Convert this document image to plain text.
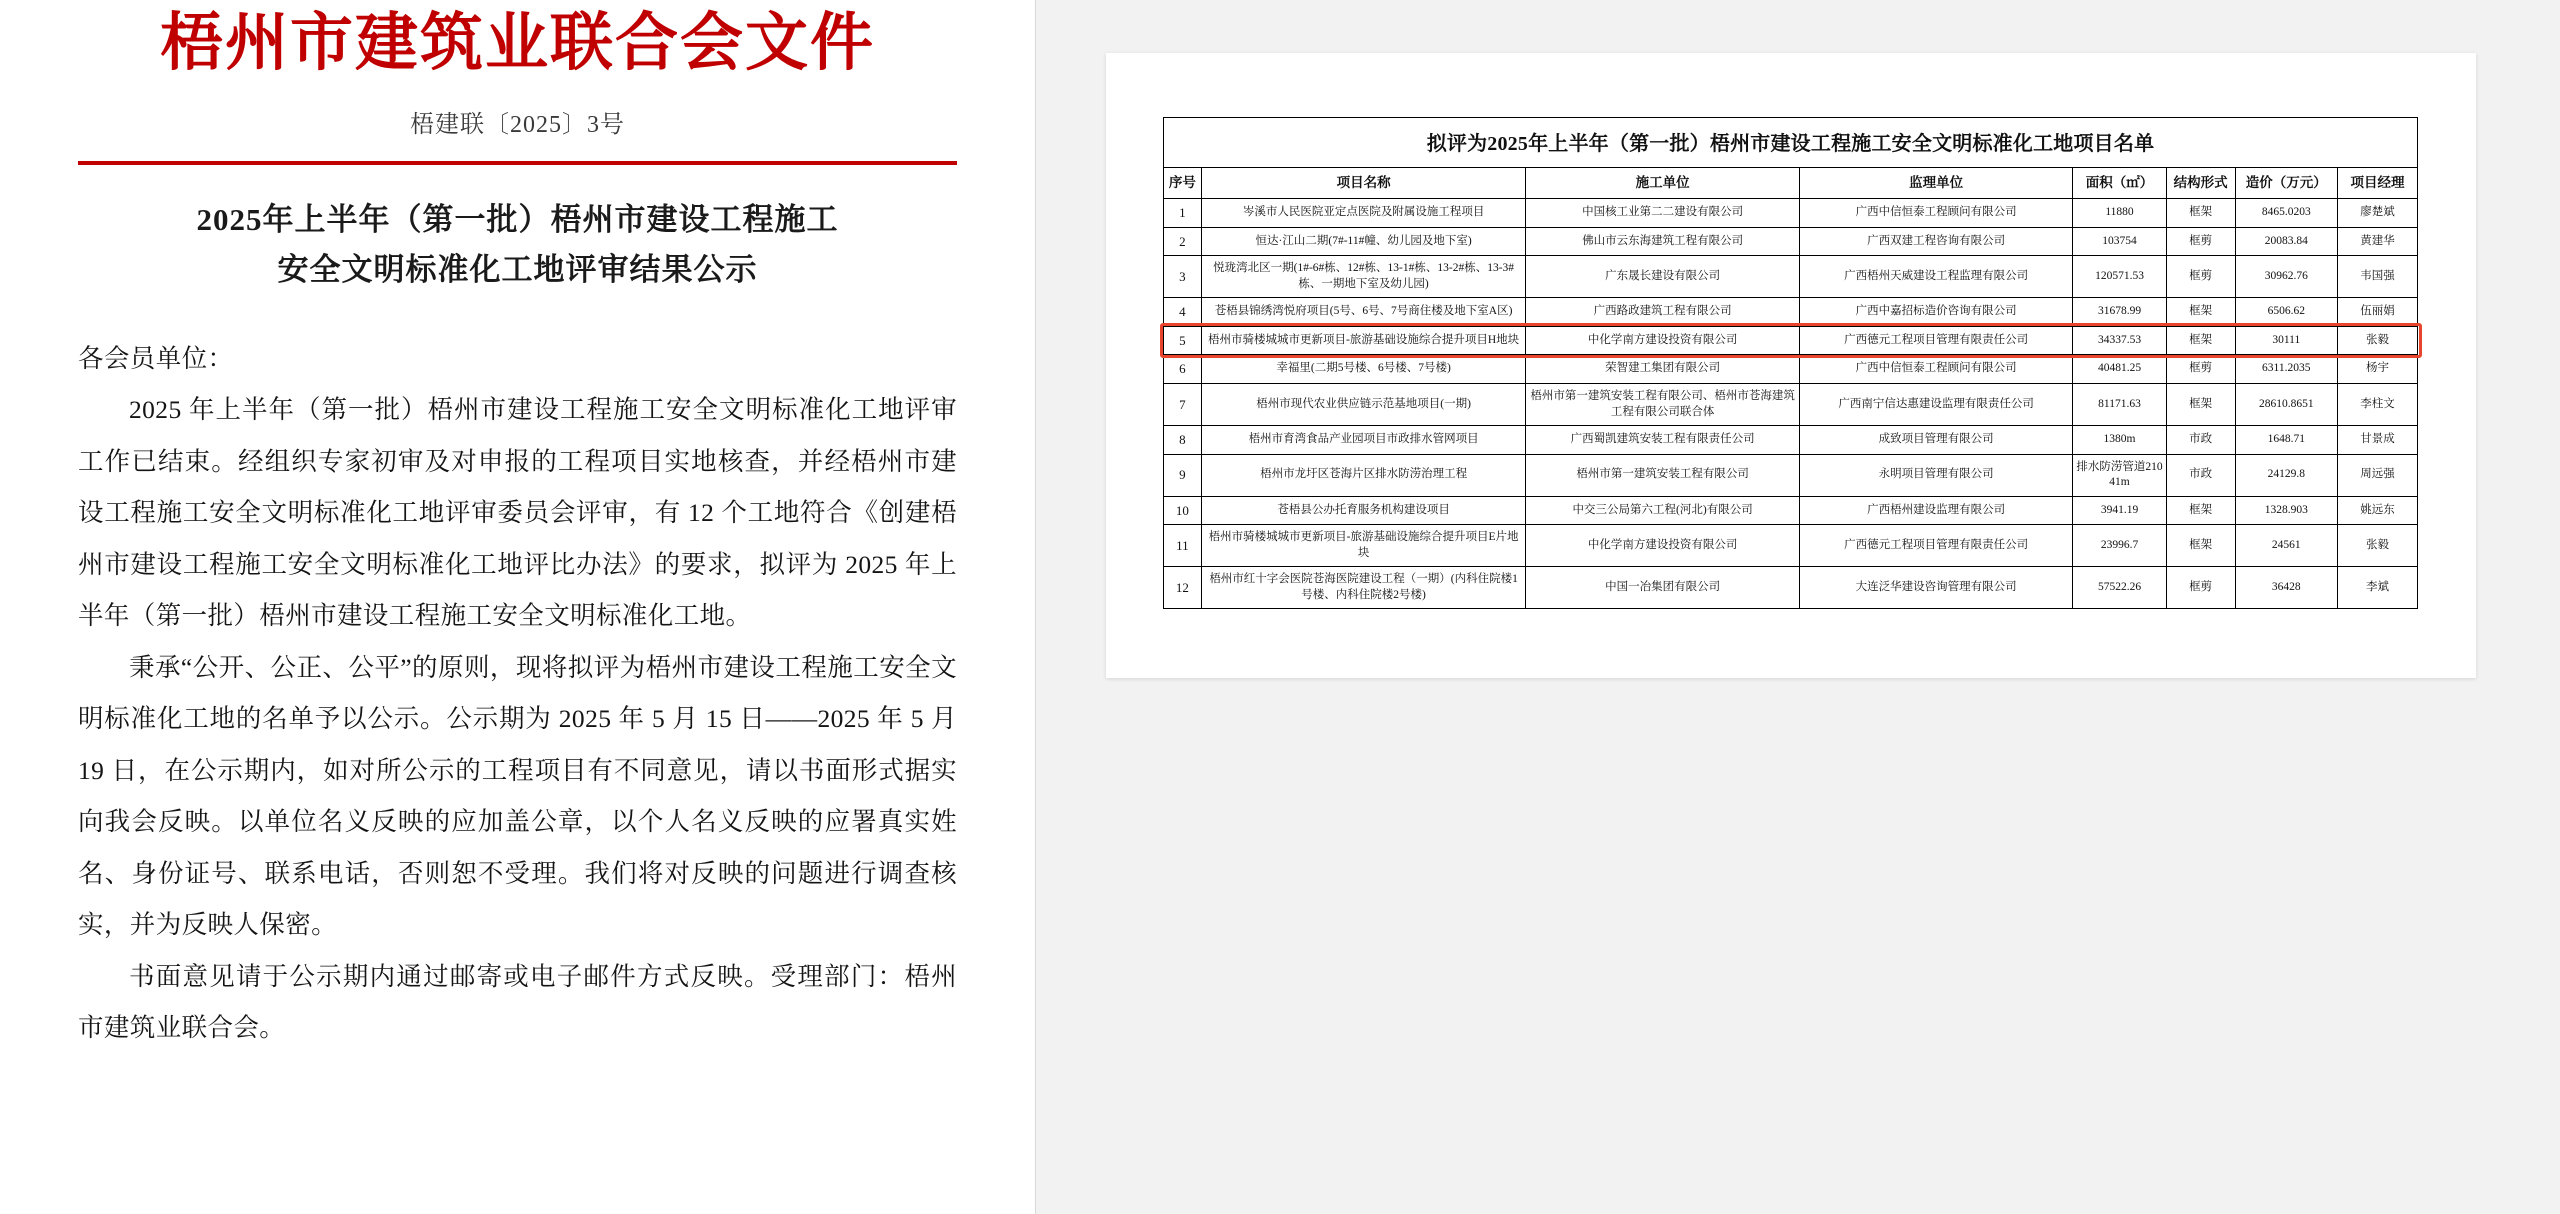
梧州市建筑业联合会文件
梧建联〔2025〕3号
2025年上半年（第一批）梧州市建设工程施工
安全文明标准化工地评审结果公示

各会员单位：

2025 年上半年（第一批）梧州市建设工程施工安全文明标准化工地评审工作已结束。经组织专家初审及对申报的工程项目实地核查，并经梧州市建设工程施工安全文明标准化工地评审委员会评审，有 12 个工地符合《创建梧州市建设工程施工安全文明标准化工地评比办法》的要求，拟评为 2025 年上半年（第一批）梧州市建设工程施工安全文明标准化工地。

秉承“公开、公正、公平”的原则，现将拟评为梧州市建设工程施工安全文明标准化工地的名单予以公示。公示期为 2025 年 5 月 15 日——2025 年 5 月 19 日，在公示期内，如对所公示的工程项目有不同意见，请以书面形式据实向我会反映。以单位名义反映的应加盖公章，以个人名义反映的应署真实姓名、身份证号、联系电话，否则恕不受理。我们将对反映的问题进行调查核实，并为反映人保密。

书面意见请于公示期内通过邮寄或电子邮件方式反映。受理部门：梧州市建筑业联合会。

拟评为2025年上半年（第一批）梧州市建设工程施工安全文明标准化工地项目名单
序号	项目名称	施工单位	监理单位	面积（㎡）	结构形式	造价（万元）	项目经理
1	岑溪市人民医院亚定点医院及附属设施工程项目	中国核工业第二二建设有限公司	广西中信恒泰工程顾问有限公司	11880	框架	8465.0203	廖楚斌
2	恒达·江山二期(7#-11#幢、幼儿园及地下室)	佛山市云东海建筑工程有限公司	广西双建工程咨询有限公司	103754	框剪	20083.84	黄建华
3	悦珑湾北区一期(1#-6#栋、12#栋、13-1#栋、13-2#栋、13-3#栋、一期地下室及幼儿园)	广东晟长建设有限公司	广西梧州天威建设工程监理有限公司	120571.53	框剪	30962.76	韦国强
4	苍梧县锦绣湾悦府项目(5号、6号、7号商住楼及地下室A区)	广西路政建筑工程有限公司	广西中嘉招标造价咨询有限公司	31678.99	框架	6506.62	伍丽娟
5	梧州市骑楼城城市更新项目-旅游基础设施综合提升项目H地块	中化学南方建设投资有限公司	广西德元工程项目管理有限责任公司	34337.53	框架	30111	张毅
6	幸福里(二期5号楼、6号楼、7号楼)	荣智建工集团有限公司	广西中信恒泰工程顾问有限公司	40481.25	框剪	6311.2035	杨宇
7	梧州市现代农业供应链示范基地项目(一期)	梧州市第一建筑安装工程有限公司、梧州市苍海建筑工程有限公司联合体	广西南宁信达惠建设监理有限责任公司	81171.63	框架	28610.8651	李柱文
8	梧州市育湾食品产业园项目市政排水管网项目	广西蜀凯建筑安装工程有限责任公司	成致项目管理有限公司	1380m	市政	1648.71	甘景成
9	梧州市龙圩区苍海片区排水防涝治理工程	梧州市第一建筑安装工程有限公司	永明项目管理有限公司	排水防涝管道21041m	市政	24129.8	周远强
10	苍梧县公办托育服务机构建设项目	中交三公局第六工程(河北)有限公司	广西梧州建设监理有限公司	3941.19	框架	1328.903	姚远东
11	梧州市骑楼城城市更新项目-旅游基础设施综合提升项目E片地块	中化学南方建设投资有限公司	广西德元工程项目管理有限责任公司	23996.7	框架	24561	张毅
12	梧州市红十字会医院苍海医院建设工程（一期）(内科住院楼1号楼、内科住院楼2号楼)	中国一冶集团有限公司	大连泛华建设咨询管理有限公司	57522.26	框剪	36428	李斌
